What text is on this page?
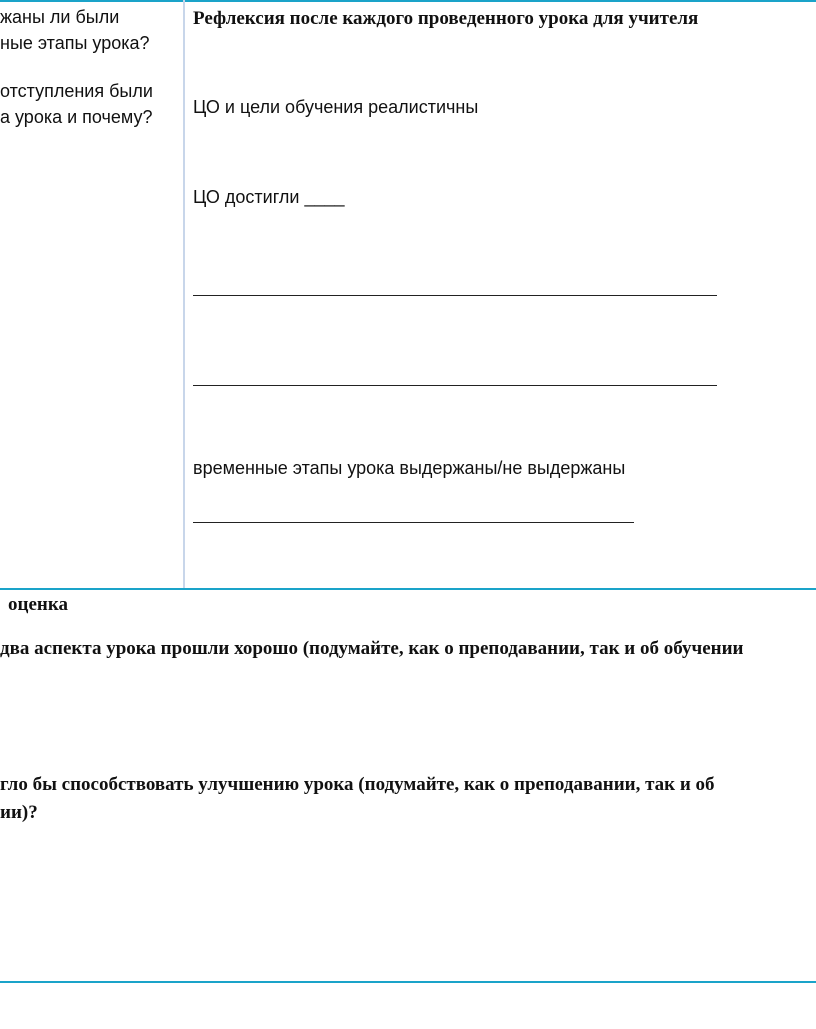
жаны ли были
ные этапы урока?
отступления были
а урока и почему?
Рефлексия после каждого проведенного урока для учителя
ЦО и цели обучения реалистичны
ЦО достигли ____
временные этапы урока выдержаны/не выдержаны
оценка
два аспекта урока прошли хорошо (подумайте, как о преподавании, так и об обучении
гло бы способствовать улучшению урока (подумайте, как о преподавании, так и об
ии)?
